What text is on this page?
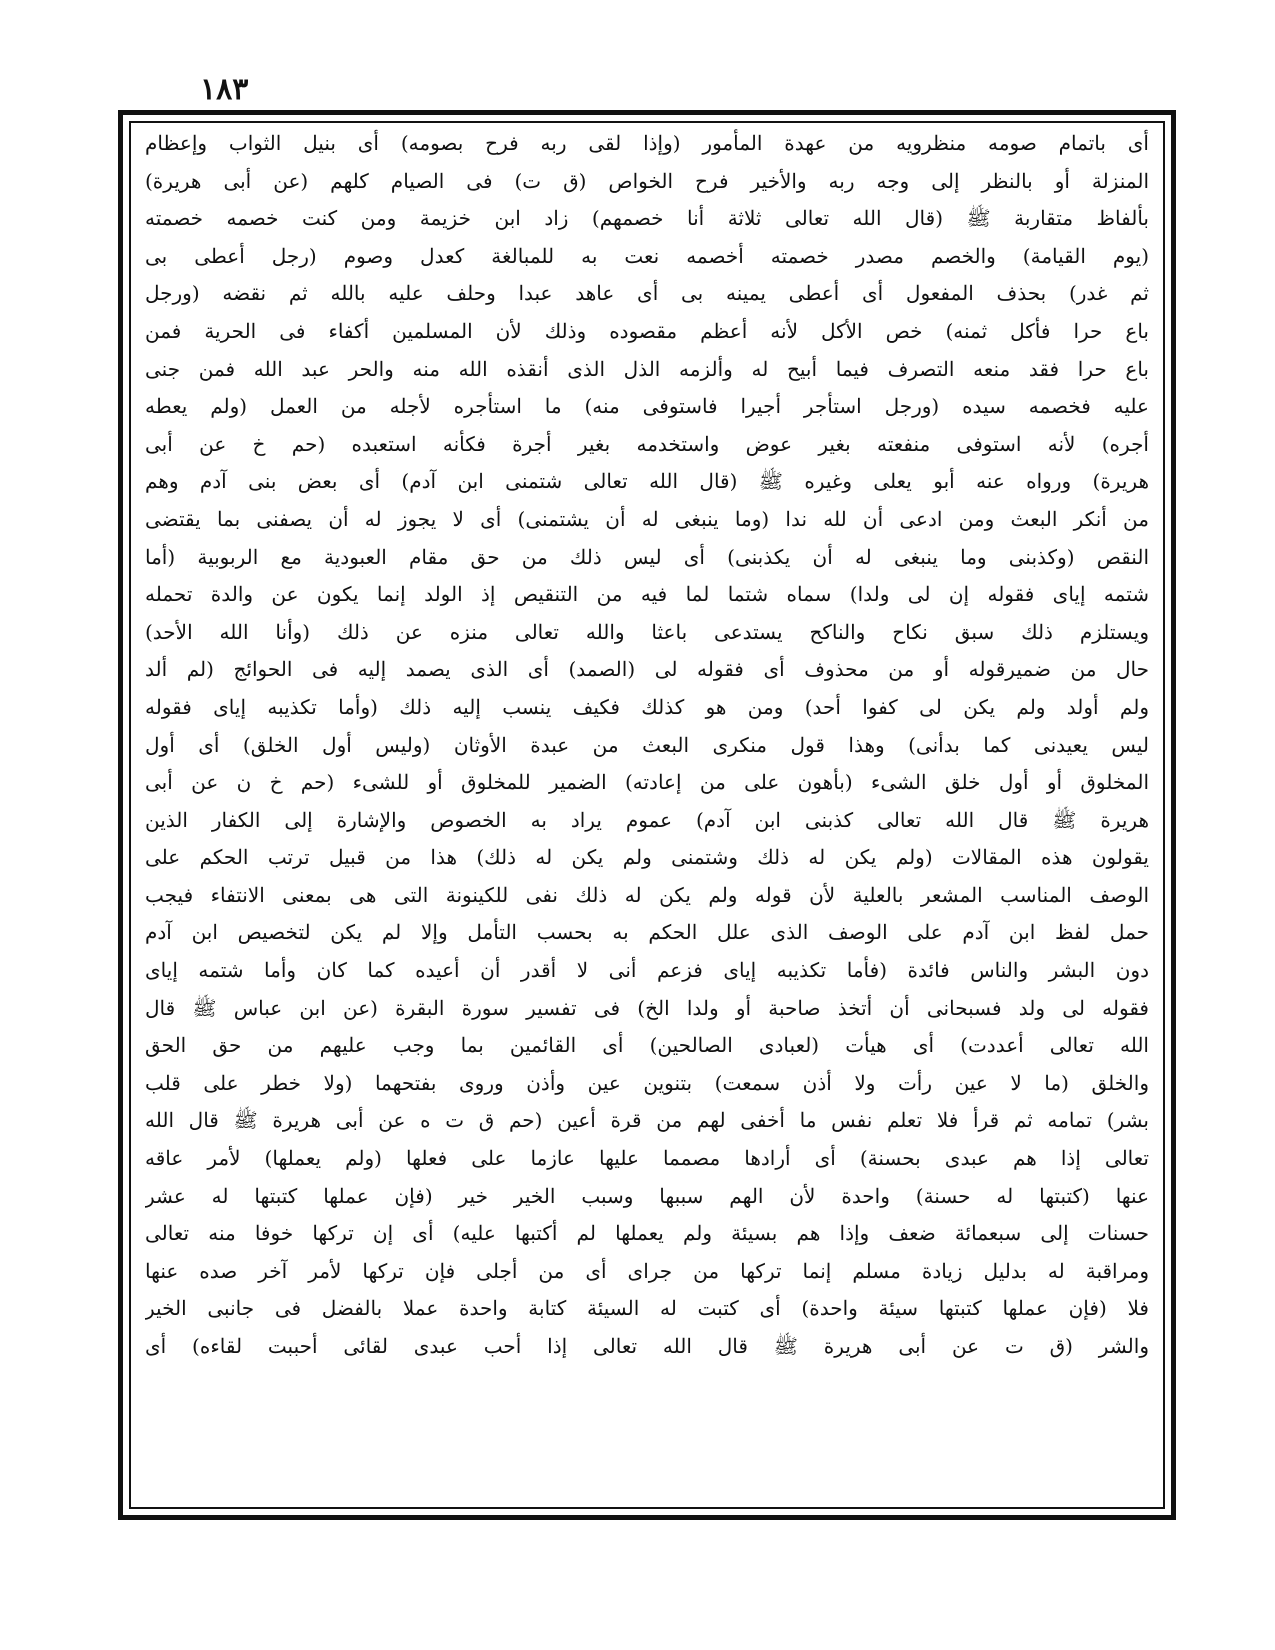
١٨٣
أى باتمام صومه منظرويه من عهدة المأمور (وإذا لقى ربه فرح بصومه) أى بنيل الثواب وإعظام
المنزلة أو بالنظر إلى وجه ربه والأخير فرح الخواص (ق ت) فى الصيام كلهم (عن أبى هريرة)
بألفاظ متقاربة ﷺ (قال الله تعالى ثلاثة أنا خصمهم) زاد ابن خزيمة ومن كنت خصمه خصمته
(يوم القيامة) والخصم مصدر خصمته أخصمه نعت به للمبالغة كعدل وصوم (رجل أعطى بى
ثم غدر) بحذف المفعول أى أعطى يمينه بى أى عاهد عبدا وحلف عليه بالله ثم نقضه (ورجل
باع حرا فأكل ثمنه) خص الأكل لأنه أعظم مقصوده وذلك لأن المسلمين أكفاء فى الحرية فمن
باع حرا فقد منعه التصرف فيما أبيح له وألزمه الذل الذى أنقذه الله منه والحر عبد الله فمن جنى
عليه فخصمه سيده (ورجل استأجر أجيرا فاستوفى منه) ما استأجره لأجله من العمل (ولم يعطه
أجره) لأنه استوفى منفعته بغير عوض واستخدمه بغير أجرة فكأنه استعبده (حم خ عن أبى
هريرة) ورواه عنه أبو يعلى وغيره ﷺ (قال الله تعالى شتمنى ابن آدم) أى بعض بنى آدم وهم
من أنكر البعث ومن ادعى أن لله ندا (وما ينبغى له أن يشتمنى) أى لا يجوز له أن يصفنى بما يقتضى
النقص (وكذبنى وما ينبغى له أن يكذبنى) أى ليس ذلك من حق مقام العبودية مع الربوبية (أما
شتمه إياى فقوله إن لى ولدا) سماه شتما لما فيه من التنقيص إذ الولد إنما يكون عن والدة تحمله
ويستلزم ذلك سبق نكاح والناكح يستدعى باعثا والله تعالى منزه عن ذلك (وأنا الله الأحد)
حال من ضميرقوله أو من محذوف أى فقوله لى (الصمد) أى الذى يصمد إليه فى الحوائج (لم ألد
ولم أولد ولم يكن لى كفوا أحد) ومن هو كذلك فكيف ينسب إليه ذلك (وأما تكذيبه إياى فقوله
ليس يعيدنى كما بدأنى) وهذا قول منكرى البعث من عبدة الأوثان (وليس أول الخلق) أى أول
المخلوق أو أول خلق الشىء (بأهون على من إعادته) الضمير للمخلوق أو للشىء (حم خ ن عن أبى
هريرة ﷺ قال الله تعالى كذبنى ابن آدم) عموم يراد به الخصوص والإشارة إلى الكفار الذين
يقولون هذه المقالات (ولم يكن له ذلك وشتمنى ولم يكن له ذلك) هذا من قبيل ترتب الحكم على
الوصف المناسب المشعر بالعلية لأن قوله ولم يكن له ذلك نفى للكينونة التى هى بمعنى الانتفاء فيجب
حمل لفظ ابن آدم على الوصف الذى علل الحكم به بحسب التأمل وإلا لم يكن لتخصيص ابن آدم
دون البشر والناس فائدة (فأما تكذيبه إياى فزعم أنى لا أقدر أن أعيده كما كان وأما شتمه إياى
فقوله لى ولد فسبحانى أن أتخذ صاحبة أو ولدا الخ) فى تفسير سورة البقرة (عن ابن عباس ﷺ قال
الله تعالى أعددت) أى هيأت (لعبادى الصالحين) أى القائمين بما وجب عليهم من حق الحق
والخلق (ما لا عين رأت ولا أذن سمعت) بتنوين عين وأذن وروى بفتحهما (ولا خطر على قلب
بشر) تمامه ثم قرأ فلا تعلم نفس ما أخفى لهم من قرة أعين (حم ق ت ه عن أبى هريرة ﷺ قال الله
تعالى إذا هم عبدى بحسنة) أى أرادها مصمما عليها عازما على فعلها (ولم يعملها) لأمر عاقه
عنها (كتبتها له حسنة) واحدة لأن الهم سببها وسبب الخير خير (فإن عملها كتبتها له عشر
حسنات إلى سبعمائة ضعف وإذا هم بسيئة ولم يعملها لم أكتبها عليه) أى إن تركها خوفا منه تعالى
ومراقبة له بدليل زيادة مسلم إنما تركها من جراى أى من أجلى فإن تركها لأمر آخر صده عنها
فلا (فإن عملها كتبتها سيئة واحدة) أى كتبت له السيئة كتابة واحدة عملا بالفضل فى جانبى الخير
والشر (ق ت عن أبى هريرة ﷺ قال الله تعالى إذا أحب عبدى لقائى أحببت لقاءه) أى
